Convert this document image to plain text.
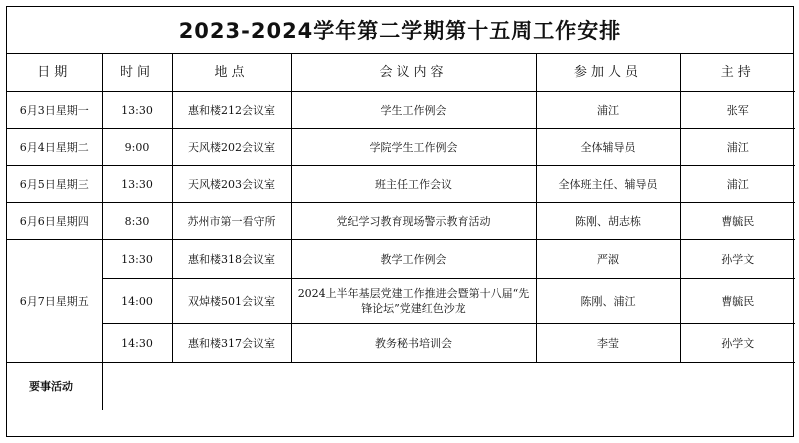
2023-2024学年第二学期第十五周工作安排
日期	时间	地点	会议内容	参加人员	主持
6月3日星期一	13:30	惠和楼212会议室	学生工作例会	浦江	张军
6月4日星期二	9:00	天风楼202会议室	学院学生工作例会	全体辅导员	浦江
6月5日星期三	13:30	天风楼203会议室	班主任工作会议	全体班主任、辅导员	浦江
6月6日星期四	8:30	苏州市第一看守所	党纪学习教育现场警示教育活动	陈刚、胡志栋	曹毓民
6月7日星期五	13:30	惠和楼318会议室	教学工作例会	严淑	孙学文
	14:00	双焯楼501会议室	2024上半年基层党建工作推进会暨第十八届“先锋论坛”党建红色沙龙	陈刚、浦江	曹毓民
	14:30	惠和楼317会议室	教务秘书培训会	李莹	孙学文
要事活动					
